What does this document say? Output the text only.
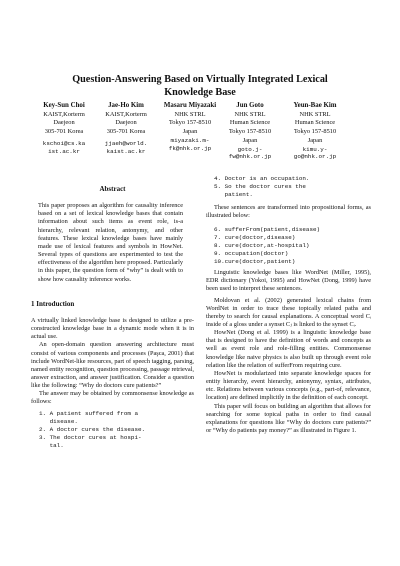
Question-Answering Based on Virtually Integrated Lexical
Knowledge Base
Key-Sun Choi
KAIST,Korterm
Daejeon
305-701 Korea
kschoi@cs.ka
ist.ac.kr
Jae-Ho Kim
KAIST,Korterm
Daejeon
305-701 Korea
jjaeh@world.
kaist.ac.kr
Masaru Miyazaki
NHK STRL
Tokyo 157-8510
Japan
miyazaki.m-
fk@nhk.or.jp
Jun Goto
NHK STRL
Human Science
Tokyo 157-8510
Japan
goto.j-
fw@nhk.or.jp
Yeun-Bae Kim
NHK STRL
Human Science
Tokyo 157-8510
Japan
kimu.y-
go@nhk.or.jp
Abstract
This paper proposes an algorithm for causality inference based on a set of lexical knowledge bases that contain information about such items as event role, is-a hierarchy, relevant relation, antonymy, and other features. These lexical knowledge bases have mainly made use of lexical features and symbols in HowNet. Several types of questions are experimented to test the effectiveness of the algorithm here proposed. Particularly in this paper, the question form of “why” is dealt with to show how causality inference works.
1 Introduction
A virtually linked knowledge base is designed to utilize a pre-constructed knowledge base in a dynamic mode when it is in actual use.
An open-domain question answering architecture must consist of various components and processes (Paşca, 2001) that include WordNet-like resources, part of speech tagging, parsing, named entity recognition, question processing, passage retrieval, answer extraction, and answer justification. Consider a question like the following: “Why do doctors cure patients?”
The answer may be obtained by commonsense knowledge as follows:
1. A patient suffered from a
disease.
2. A doctor cures the disease.
3. The doctor cures at hospi-
tal.
4. Doctor is an occupation.
5. So the doctor cures the
patient.
These sentences are transformed into propositional forms, as illustrated below:
6. sufferFrom(patient,disease)
7. cure(doctor,disease)
8. cure(doctor,at-hospital)
9. occupation(doctor)
10.cure(doctor,patient)
Linguistic knowledge bases like WordNet (Miller, 1995), EDR dictionary (Yokoi, 1995) and HowNet (Dong, 1999) have been used to interpret these sentences.
Moldovan et al. (2002) generated lexical chains from WordNet in order to trace these topically related paths and thereby to search for causal explanations. A conceptual word Cᵢ inside of a gloss under a synset Cⱼ is linked to the synset Cᵢ.
HowNet (Dong et al. 1999) is a linguistic knowledge base that is designed to have the definition of words and concepts as well as event role and role-filling entities. Commonsense knowledge like naive physics is also built up through event role relation like the relation of sufferFrom requiring cure.
HowNet is modularized into separate knowledge spaces for entity hierarchy, event hierarchy, antonymy, syntax, attributes, etc. Relations between various concepts (e.g., part-of, relevance, location) are defined implicitly in the definition of each concept.
This paper will focus on building an algorithm that allows for searching for some topical paths in order to find causal explanations for questions like “Why do doctors cure patients?” or “Why do patients pay money?” as illustrated in Figure 1.
